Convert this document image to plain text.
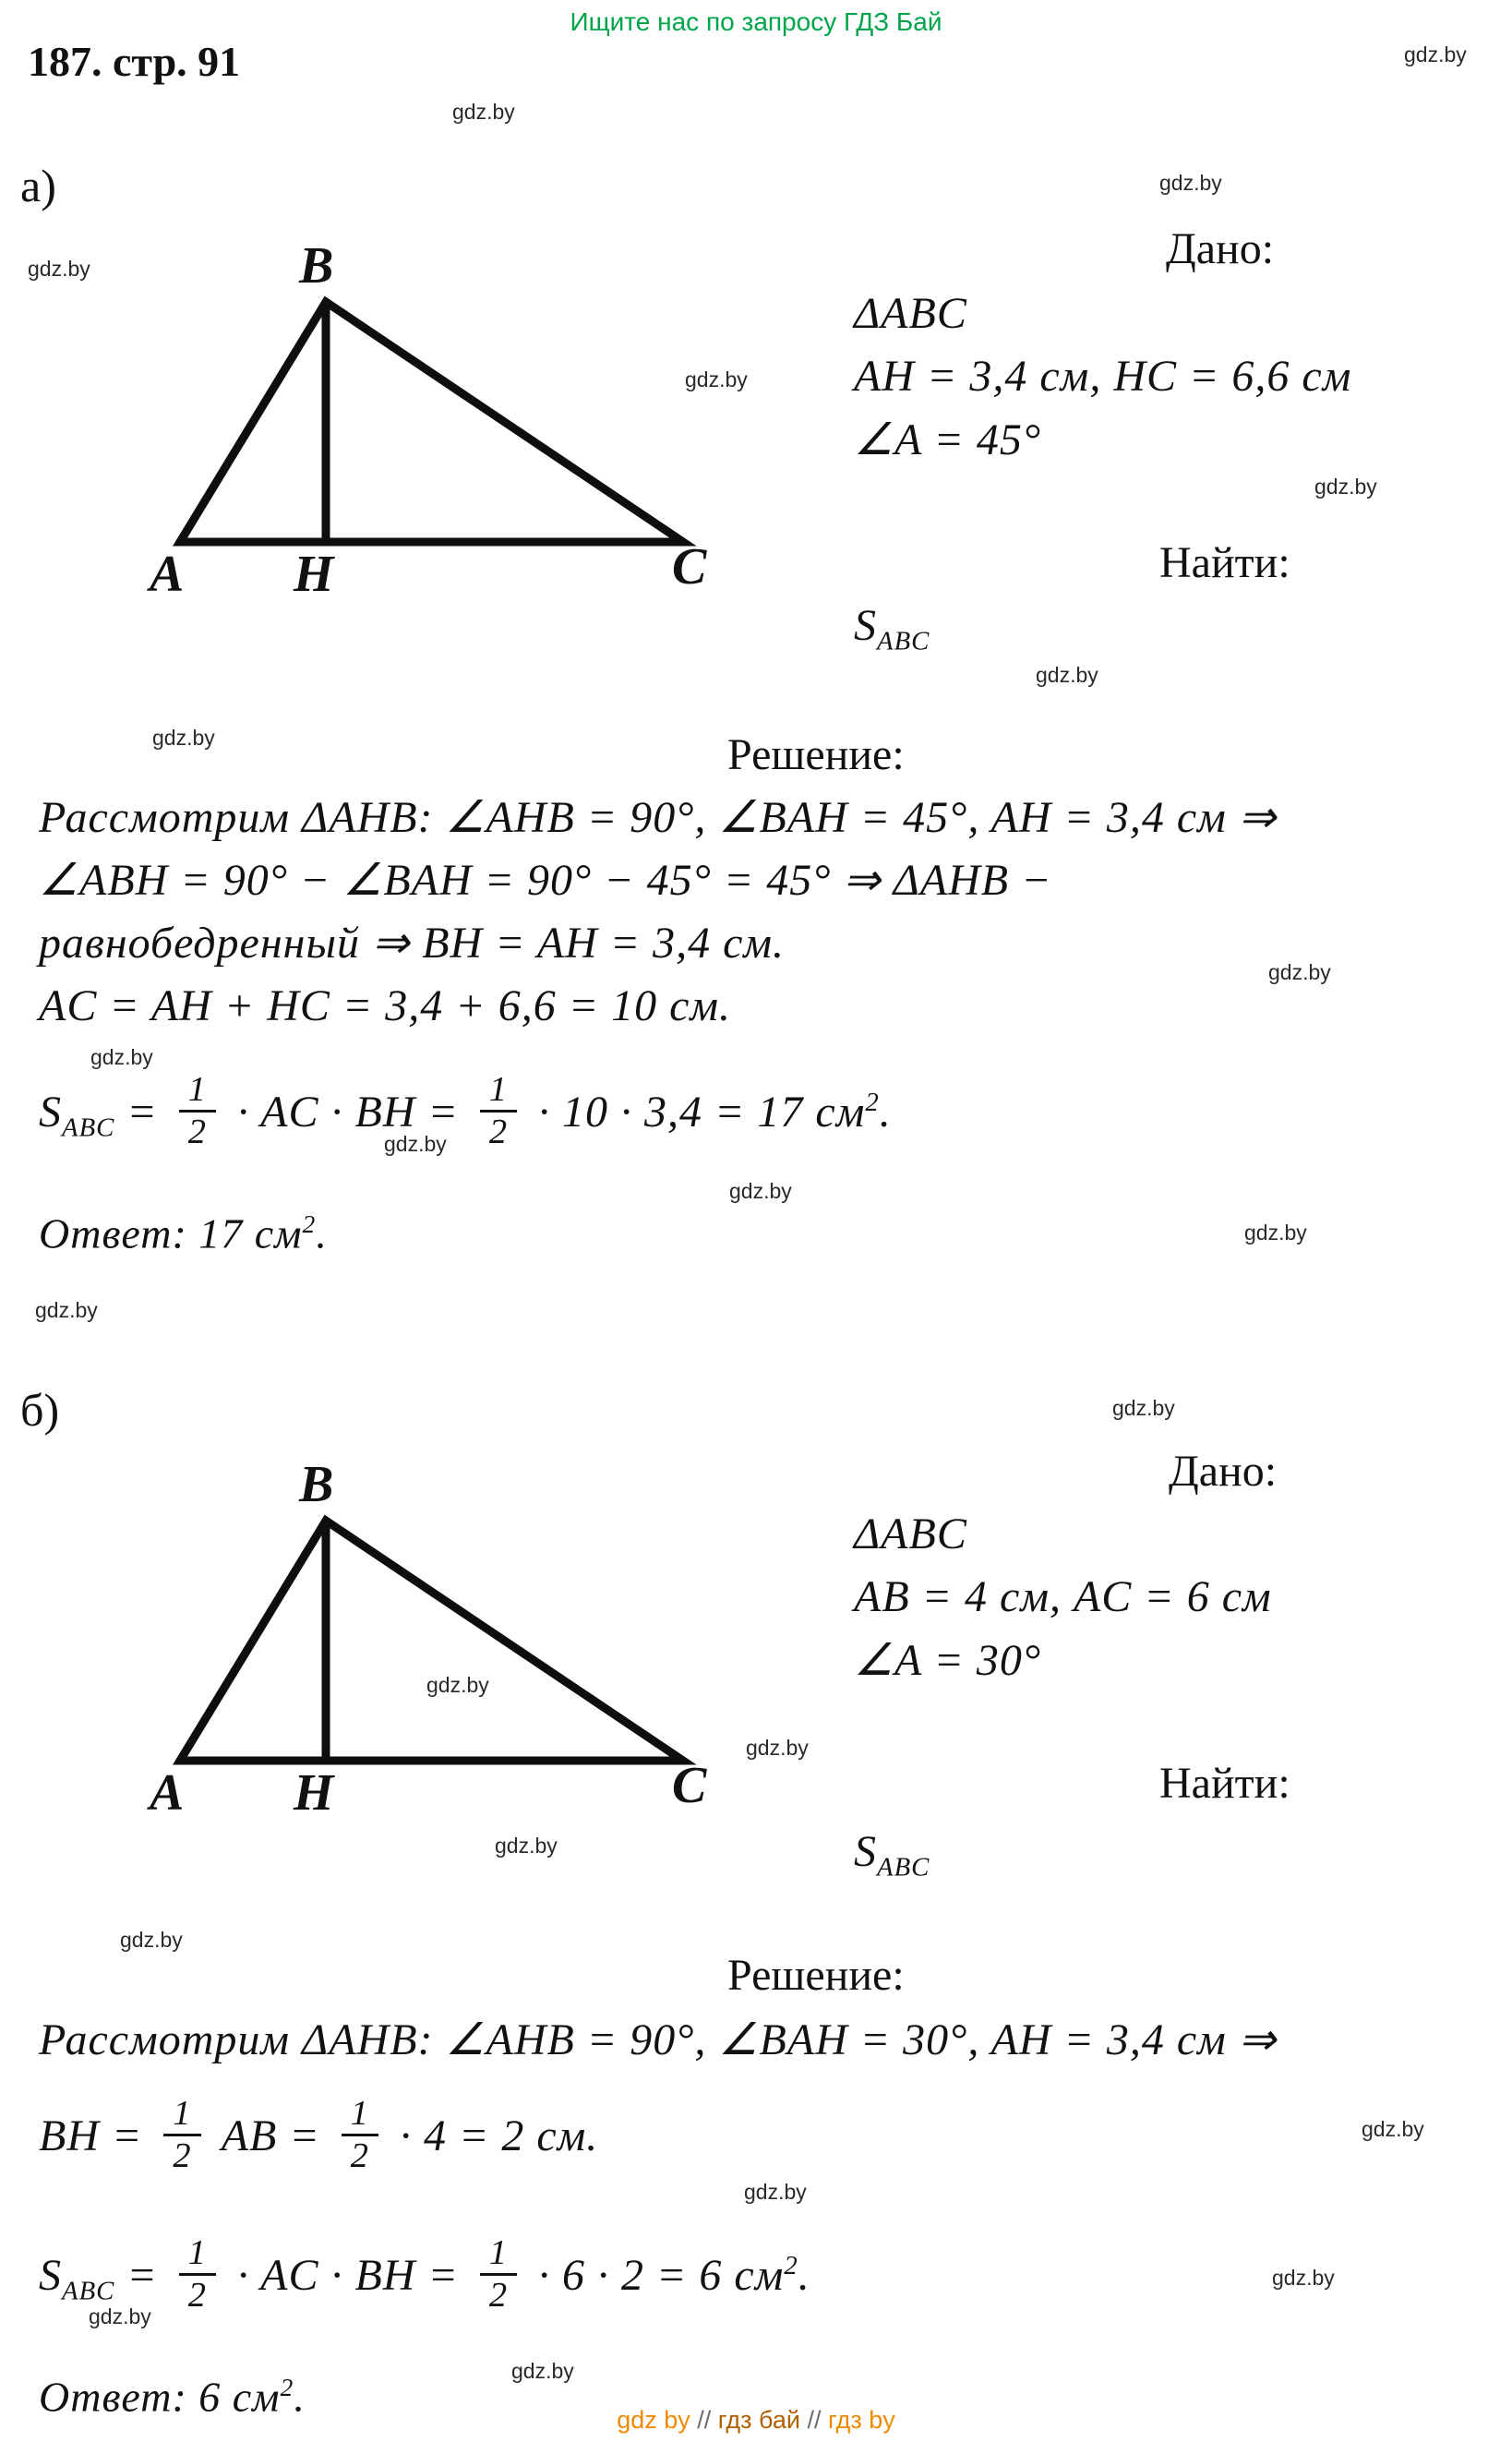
Ищите нас по запросу ГДЗ Бай
187. стр. 91
gdz.by
gdz.by
gdz.by
gdz.by
gdz.by
gdz.by
gdz.by
gdz.by
gdz.by
gdz.by
gdz.by
gdz.by
gdz.by
gdz.by
gdz.by
gdz.by
gdz.by
gdz.by
gdz.by
gdz.by
gdz.by
gdz.by
gdz.by
gdz.by
а)
B
A H	C
Дано:
ΔABC
AH = 3,4 см, HC = 6,6 см
∠A = 45°
Найти:
$S_{ABC}$
Решение:
Рассмотрим ΔAHB: ∠AHB = 90°, ∠BAH = 45°, AH = 3,4 см ⇒
∠ABH = 90° − ∠BAH = 90° − 45° = 45° ⇒ ΔAHB −
равнобедренный ⇒ BH = AH = 3,4 см.
AC = AH + HC = 3,4 + 6,6 = 10 см.
$S_{ABC} = \frac{1}{2}$ · AC · BH = $\frac{1}{2} \cdot 10 \cdot 3,4 = 17$ $см^2$.
Ответ: 17 $см^2$.
б)
B
A H	C
Дано:
ΔABC
AB = 4 см, AC = 6 см
∠A = 30°
Найти:
$S_{ABC}$
Решение:
Рассмотрим ΔAHB: ∠AHB = 90°, ∠BAH = 30°, AH = 3,4 см ⇒
BH = $\frac{1}{2}$ AB = $\frac{1}{2} \cdot 4 = 2$ см.
$S_{ABC} = \frac{1}{2}$ · AC · BH = $\frac{1}{2} \cdot 6 \cdot 2 = 6$ $см^2$.
Ответ: 6 $см^2$.
gdz by // гдз бай // гдз by
